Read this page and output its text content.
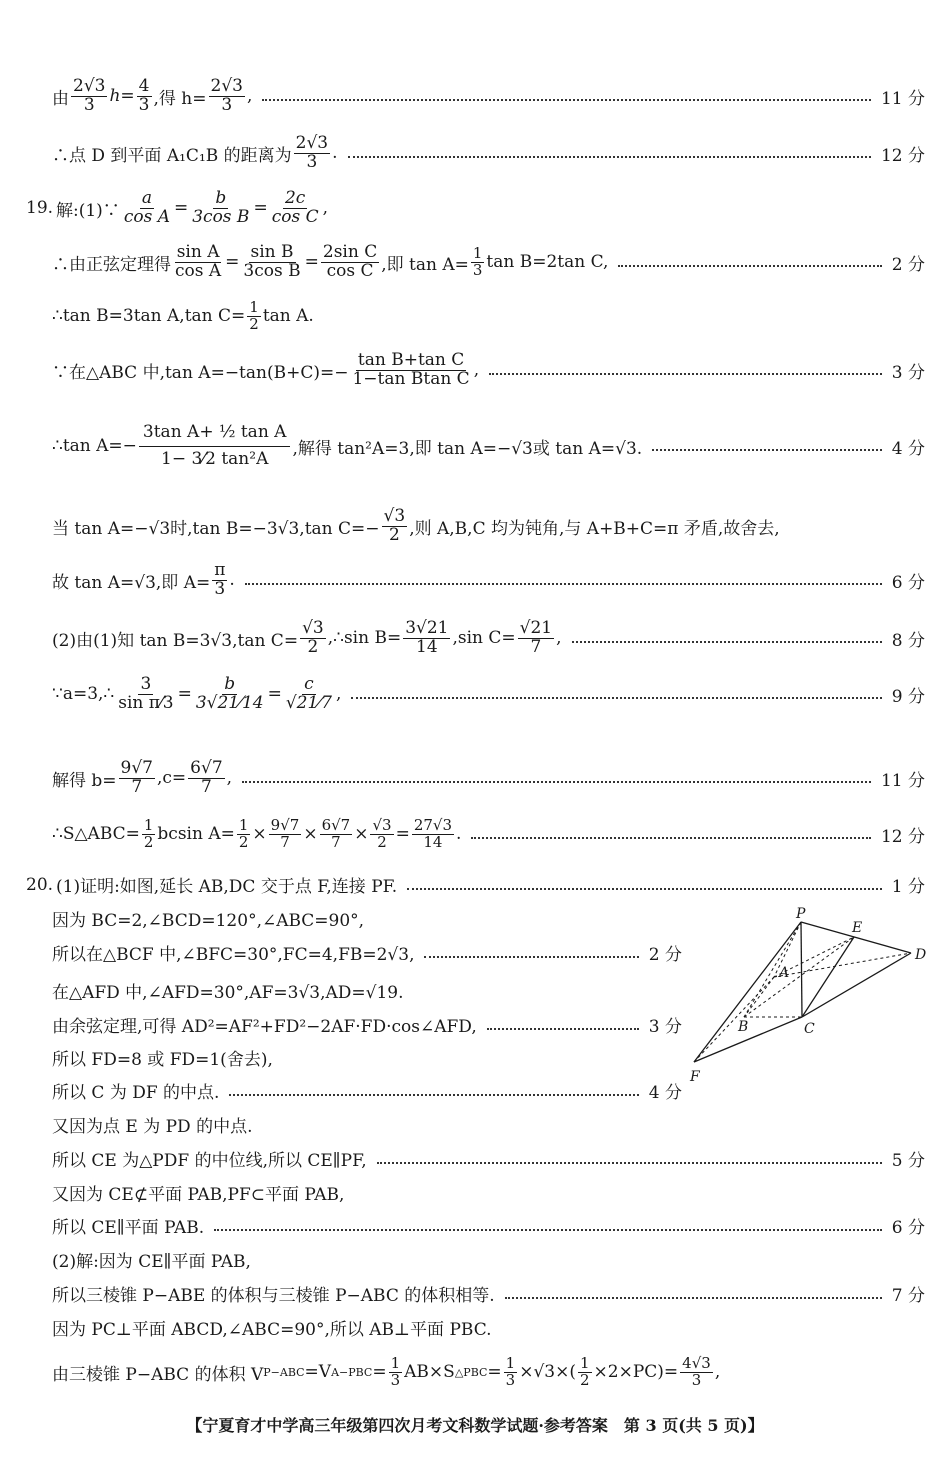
由 $\frac{2√3}{3} h= \frac{4}{3}$ ,得 $h= \frac{2√3}{3}$ ,	11 分
∴点 D 到平面 A₁C₁B 的距离为 $\frac{2√3}{3}$ .	12 分
19. 解:(1)∵ $\frac{a}{\text{cos A}} = \frac{b}{\text{3cos B}} = \frac{2c}{\text{cos C}}$ ,
∴由正弦定理得 $\frac{\text{sin A}}{\text{cos A}} = \frac{\text{sin B}}{\text{3cos B}} = \frac{\text{2sin C}}{\text{cos C}}$ ,即 $\tan A= \frac{1}{3}$ tan B=2tan C,	2 分
∴tan B=3tan A,tan $C= \frac{1}{2}$ tan A.
∵在△ABC 中,tan $A=-\tan(B+C)=- \frac{\text{tan B+tan C}}{\text{1−tan Btan C}}$ ,	3 分
∴tan $A=- \frac{\text{3tan A+ ½ tan A}}{\text{1− 3⁄2 tan²A}}$ ,解得 tan²A=3,即 tan A=−√3或 tan A=√3.	4 分
当 tan A=−√3时,tan B=−3√3,tan $C=- \frac{√3}{2}$ ,则 A,B,C 均为钝角,与 A+B+C=π 矛盾,故舍去,
故 tan A=√3,即 $A= \frac{\pi}{3}$ .	6 分
(2)由(1)知 tan B=3√3,tan $C= \frac{√3}{2}$ ,∴sin $B= \frac{3√21}{14} ,\sin$ $C= \frac{√21}{7}$ ,	8 分
∵a=3,∴ $\frac{3}{\text{sin π⁄3}} = \frac{b}{3√21⁄14} = \frac{c}{√21⁄7}$ ,	9 分
解得 $b= \frac{9√7}{7} ,c= \frac{6√7}{7}$ ,	11 分
∴S△ABC= $\frac{1}{2}$ bcsin $A= \frac{1}{2} \times \frac{9√7}{7} \times \frac{6√7}{7} \times \frac{√3}{2} = \frac{27√3}{14}$ .	12 分
20. (1)证明:如图,延长 AB,DC 交于点 F,连接 PF.	1 分
因为 BC=2,∠BCD=120°,∠ABC=90°,
所以在△BCF 中,∠BFC=30°,FC=4,FB=2√3,	2 分
在△AFD 中,∠AFD=30°,AF=3√3,AD=√19.
由余弦定理,可得 AD²=AF²+FD²−2AF·FD·cos∠AFD,	3 分
所以 FD=8 或 FD=1(舍去),
所以 C 为 DF 的中点.	4 分
P
E
D
A
B	C
F
又因为点 E 为 PD 的中点.
所以 CE 为△PDF 的中位线,所以 CE∥PF,	5 分
又因为 CE⊄平面 PAB,PF⊂平面 PAB,
所以 CE∥平面 PAB.	6 分
(2)解:因为 CE∥平面 PAB,
所以三棱锥 P−ABE 的体积与三棱锥 P−ABC 的体积相等.	7 分
因为 PC⊥平面 ABCD,∠ABC=90°,所以 AB⊥平面 PBC.
由三棱锥 P−ABC 的体积 V P−ABC =V $A-PBC = \frac{1}{3} AB\times S$ △PBC = $\frac{1}{3} \times√3\times( \frac{1}{2} \times 2\times PC)= \frac{4√3}{3}$ ,
【宁夏育才中学高三年级第四次月考文科数学试题·参考答案　第 3 页(共 5 页)】
